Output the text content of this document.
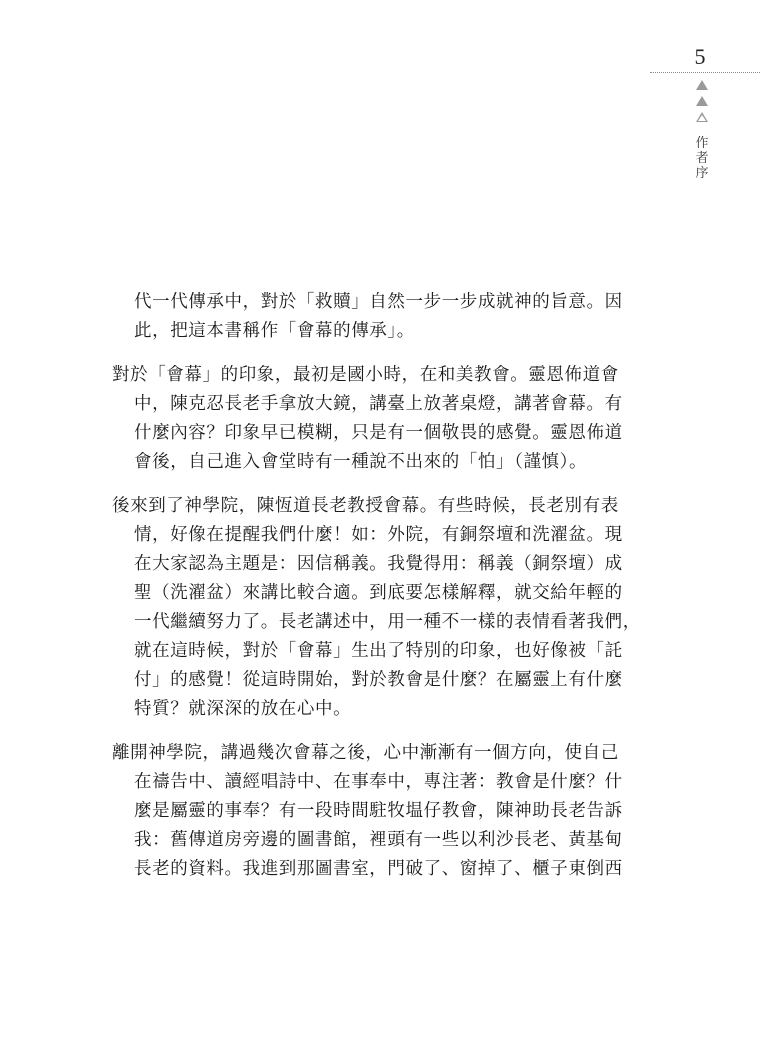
5
作
者
序

代一代傳承中，對於「救贖」自然一步一步成就神的旨意。因
此，把這本書稱作「會幕的傳承」。

對於「會幕」的印象，最初是國小時，在和美教會。靈恩佈道會
中，陳克忍長老手拿放大鏡，講臺上放著桌燈，講著會幕。有
什麼內容？印象早已模糊，只是有一個敬畏的感覺。靈恩佈道
會後，自己進入會堂時有一種說不出來的「怕」（謹慎）。

後來到了神學院，陳恆道長老教授會幕。有些時候，長老別有表
情，好像在提醒我們什麼！如：外院，有銅祭壇和洗濯盆。現
在大家認為主題是：因信稱義。我覺得用：稱義（銅祭壇）成
聖（洗濯盆）來講比較合適。到底要怎樣解釋，就交給年輕的
一代繼續努力了。長老講述中，用一種不一樣的表情看著我們，
就在這時候，對於「會幕」生出了特別的印象，也好像被「託
付」的感覺！從這時開始，對於教會是什麼？在屬靈上有什麼
特質？就深深的放在心中。

離開神學院，講過幾次會幕之後，心中漸漸有一個方向，使自己
在禱告中、讀經唱詩中、在事奉中，專注著：教會是什麼？什
麼是屬靈的事奉？有一段時間駐牧塭仔教會，陳神助長老告訴
我：舊傳道房旁邊的圖書館，裡頭有一些以利沙長老、黃基甸
長老的資料。我進到那圖書室，門破了、窗掉了、櫃子東倒西
